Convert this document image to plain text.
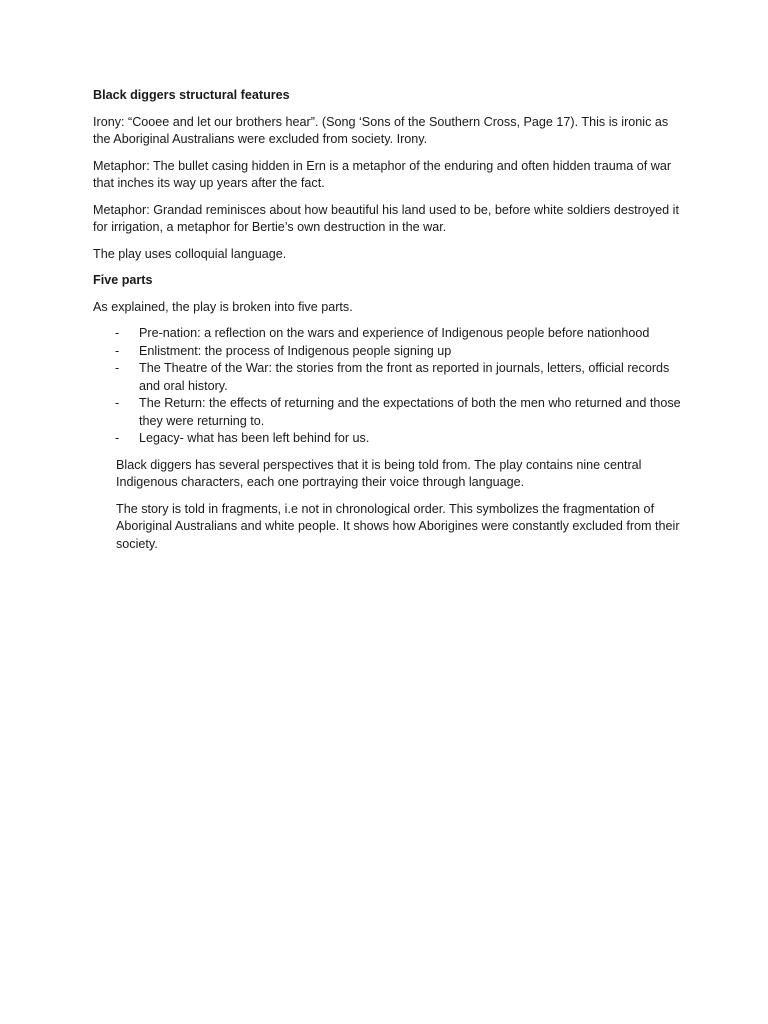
Black diggers structural features

Irony: “Cooee and let our brothers hear”. (Song ‘Sons of the Southern Cross, Page 17). This is ironic as the Aboriginal Australians were excluded from society. Irony.

Metaphor: The bullet casing hidden in Ern is a metaphor of the enduring and often hidden trauma of war that inches its way up years after the fact.

Metaphor: Grandad reminisces about how beautiful his land used to be, before white soldiers destroyed it for irrigation, a metaphor for Bertie’s own destruction in the war.

The play uses colloquial language.

Five parts

As explained, the play is broken into five parts.

- Pre-nation: a reflection on the wars and experience of Indigenous people before nationhood
- Enlistment: the process of Indigenous people signing up
- The Theatre of the War: the stories from the front as reported in journals, letters, official records and oral history.
- The Return: the effects of returning and the expectations of both the men who returned and those they were returning to.
- Legacy- what has been left behind for us.

Black diggers has several perspectives that it is being told from. The play contains nine central Indigenous characters, each one portraying their voice through language.

The story is told in fragments, i.e not in chronological order. This symbolizes the fragmentation of Aboriginal Australians and white people. It shows how Aborigines were constantly excluded from their society.
